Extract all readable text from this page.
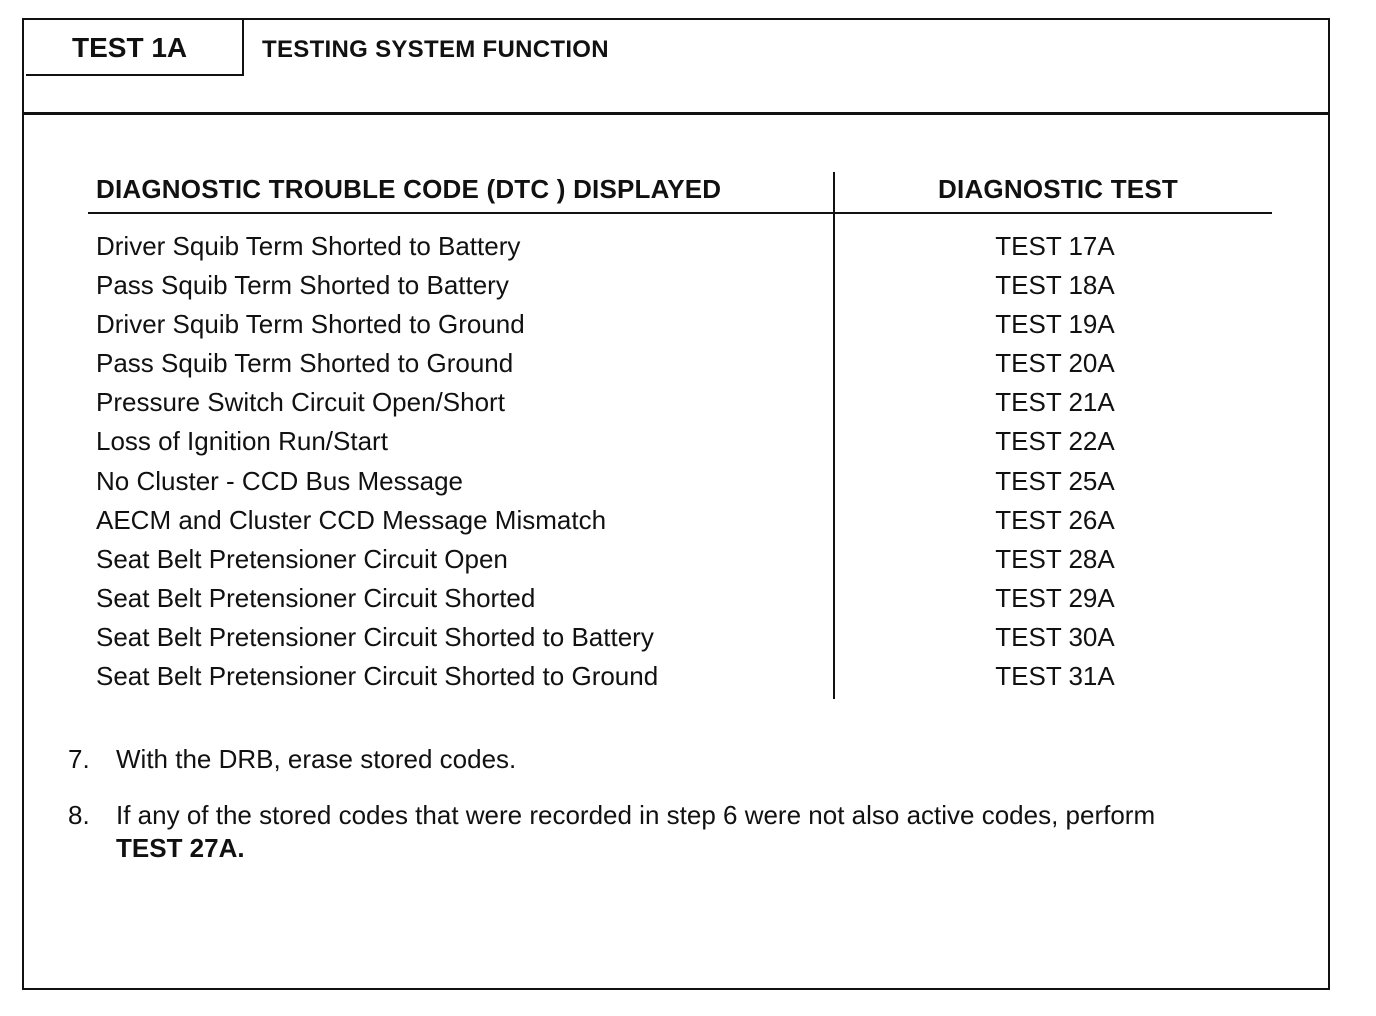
TEST 1A	TESTING SYSTEM FUNCTION
DIAGNOSTIC TROUBLE CODE (DTC ) DISPLAYED	DIAGNOSTIC TEST
Driver Squib Term Shorted to Battery	TEST 17A
Pass Squib Term Shorted to Battery	TEST 18A
Driver Squib Term Shorted to Ground	TEST 19A
Pass Squib Term Shorted to Ground	TEST 20A
Pressure Switch Circuit Open/Short	TEST 21A
Loss of Ignition Run/Start	TEST 22A
No Cluster - CCD Bus Message	TEST 25A
AECM and Cluster CCD Message Mismatch	TEST 26A
Seat Belt Pretensioner Circuit Open	TEST 28A
Seat Belt Pretensioner Circuit Shorted	TEST 29A
Seat Belt Pretensioner Circuit Shorted to Battery	TEST 30A
Seat Belt Pretensioner Circuit Shorted to Ground	TEST 31A
7. With the DRB, erase stored codes.
8. If any of the stored codes that were recorded in step 6 were not also active codes, perform
TEST 27A.
